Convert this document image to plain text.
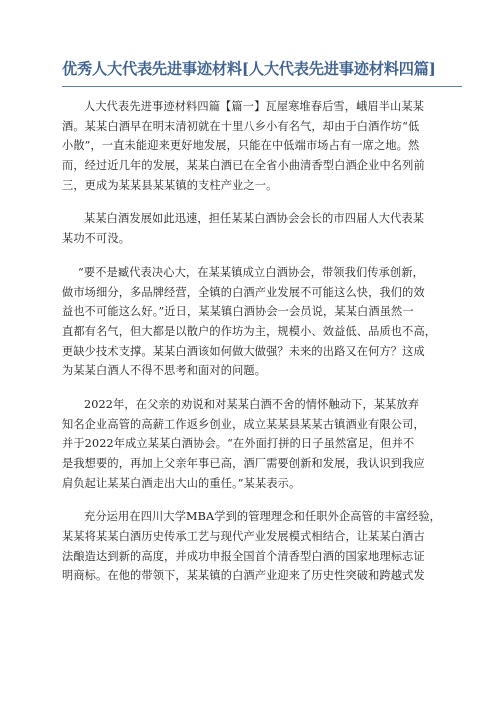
优秀人大代表先进事迹材料[人大代表先进事迹材料四篇]

人大代表先进事迹材料四篇【篇一】瓦屋寒堆春后雪，峨眉半山某某
酒。某某白酒早在明末清初就在十里八乡小有名气，却由于白酒作坊“低
小散”，一直未能迎来更好地发展，只能在中低端市场占有一席之地。然
而，经过近几年的发展，某某白酒已在全省小曲清香型白酒企业中名列前
三，更成为某某县某某镇的支柱产业之一。

某某白酒发展如此迅速，担任某某白酒协会会长的市四届人大代表某
某功不可没。

“要不是臧代表决心大，在某某镇成立白酒协会，带领我们传承创新，
做市场细分，多品牌经营，全镇的白酒产业发展不可能这么快，我们的效
益也不可能这么好。”近日，某某镇白酒协会一会员说，某某白酒虽然一
直都有名气，但大都是以散户的作坊为主，规模小、效益低、品质也不高，
更缺少技术支撑。某某白酒该如何做大做强？未来的出路又在何方？这成
为某某白酒人不得不思考和面对的问题。

2022年，在父亲的劝说和对某某白酒不舍的情怀触动下，某某放弃
知名企业高管的高薪工作返乡创业，成立某某县某某古镇酒业有限公司，
并于2022年成立某某白酒协会。“在外面打拼的日子虽然富足，但并不
是我想要的，再加上父亲年事已高，酒厂需要创新和发展，我认识到我应
肩负起让某某白酒走出大山的重任。”某某表示。

充分运用在四川大学MBA学到的管理理念和任职外企高管的丰富经验，
某某将某某白酒历史传承工艺与现代产业发展模式相结合，让某某白酒古
法酿造达到新的高度，并成功申报全国首个清香型白酒的国家地理标志证
明商标。在他的带领下，某某镇的白酒产业迎来了历史性突破和跨越式发
